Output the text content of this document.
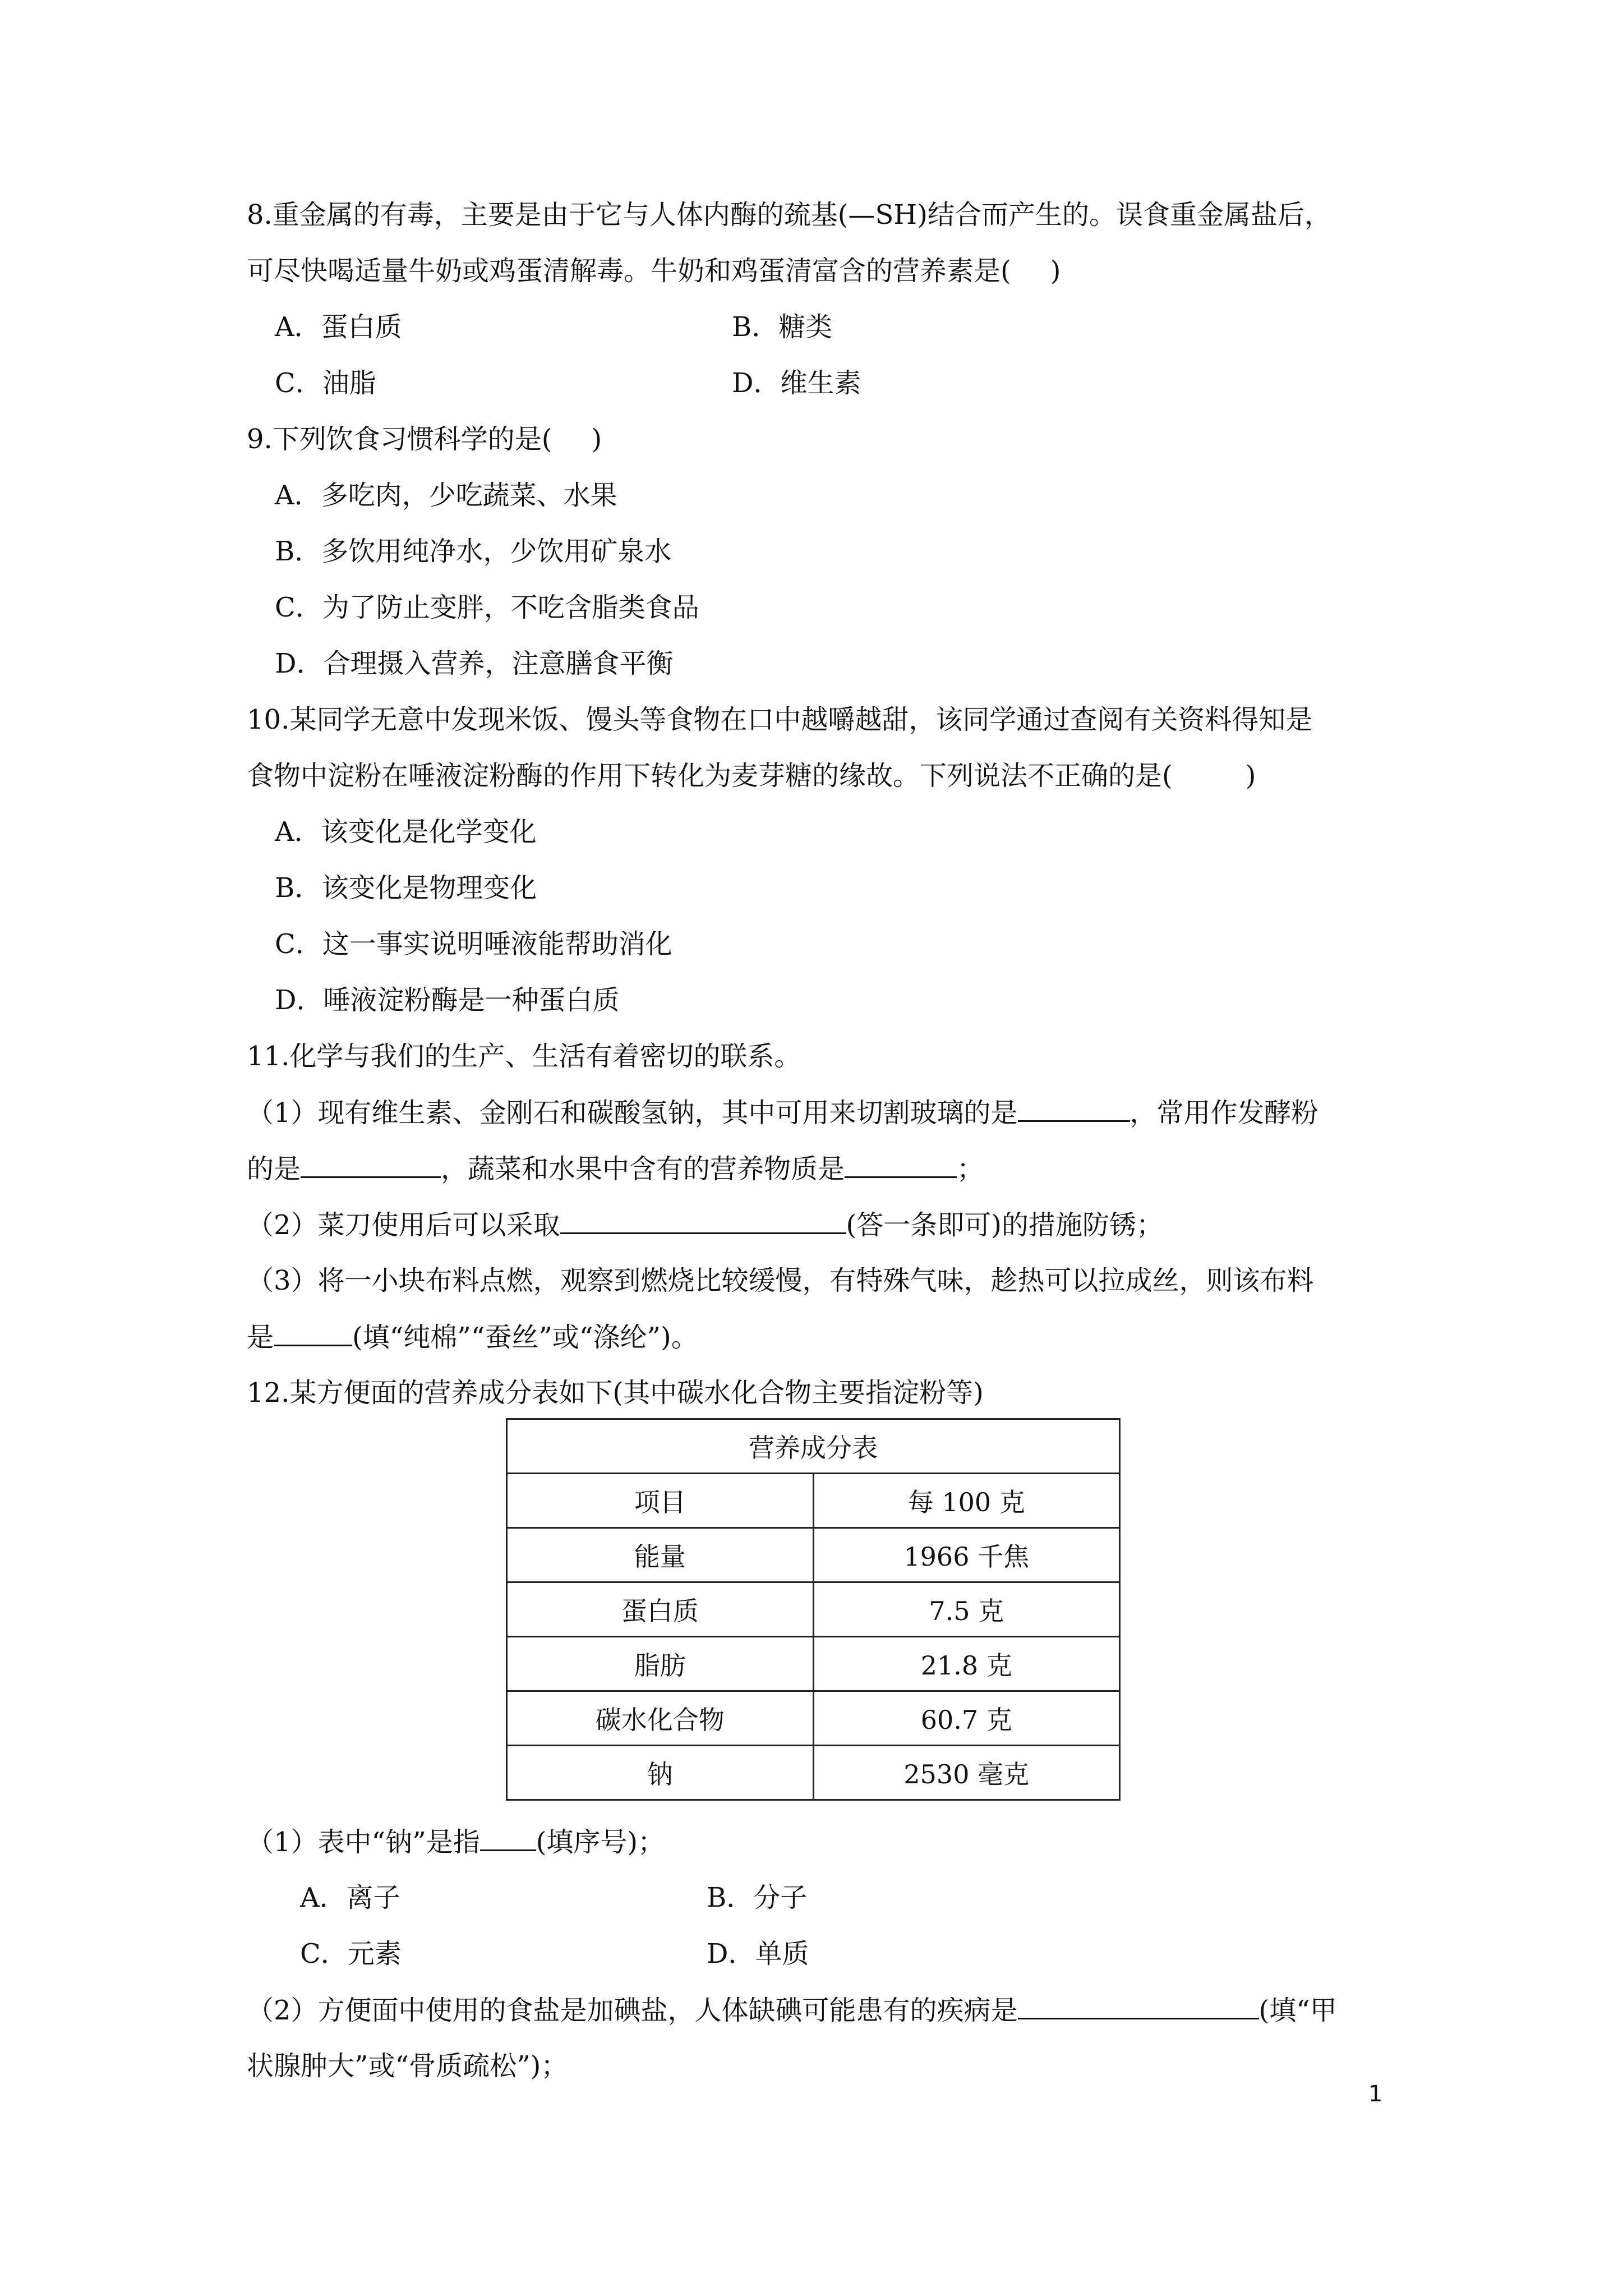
8.重金属的有毒，主要是由于它与人体内酶的巯基(—SH)结合而产生的。误食重金属盐后，
可尽快喝适量牛奶或鸡蛋清解毒。牛奶和鸡蛋清富含的营养素是( )
A．蛋白质	B．糖类
C．油脂	D．维生素
9.下列饮食习惯科学的是( )
A．多吃肉，少吃蔬菜、水果
B．多饮用纯净水，少饮用矿泉水
C．为了防止变胖，不吃含脂类食品
D．合理摄入营养，注意膳食平衡
10.某同学无意中发现米饭、馒头等食物在口中越嚼越甜，该同学通过查阅有关资料得知是
食物中淀粉在唾液淀粉酶的作用下转化为麦芽糖的缘故。下列说法不正确的是(	)
A．该变化是化学变化
B．该变化是物理变化
C．这一事实说明唾液能帮助消化
D．唾液淀粉酶是一种蛋白质
11.化学与我们的生产、生活有着密切的联系。
（1）现有维生素、金刚石和碳酸氢钠，其中可用来切割玻璃的是	，常用作发酵粉
的是	，蔬菜和水果中含有的营养物质是	；
（2）菜刀使用后可以采取	(答一条即可)的措施防锈；
（3）将一小块布料点燃，观察到燃烧比较缓慢，有特殊气味，趁热可以拉成丝，则该布料
是	(填“纯棉”“蚕丝”或“涤纶”)。
12.某方便面的营养成分表如下(其中碳水化合物主要指淀粉等)
营养成分表	
项目	每 100 克
能量	1966 千焦
蛋白质	7.5 克
脂肪	21.8 克
碳水化合物	60.7 克
钠	2530 毫克
（1）表中“钠”是指 (填序号)；
A．离子	B．分子
C．元素	D．单质
（2）方便面中使用的食盐是加碘盐，人体缺碘可能患有的疾病是	(填“甲
状腺肿大”或“骨质疏松”)；
1
